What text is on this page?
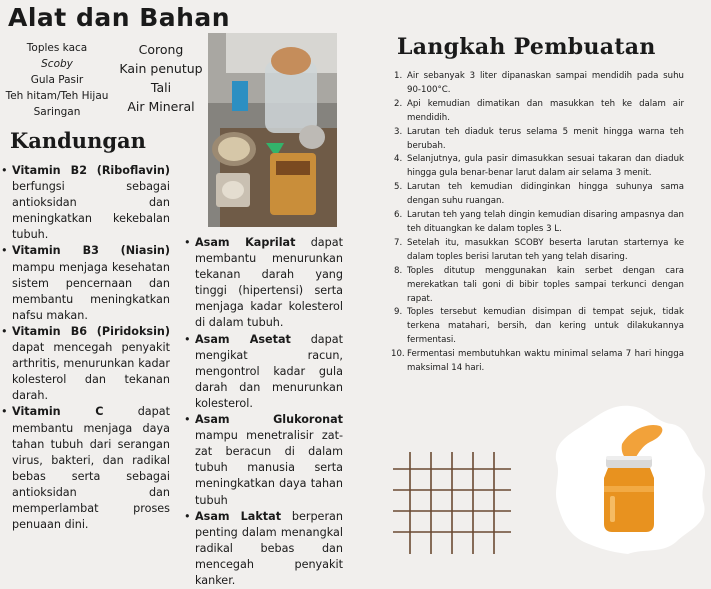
Alat dan Bahan
Toples kaca
Scoby
Gula Pasir
Teh hitam/Teh Hijau
Saringan
Corong
Kain penutup
Tali
Air Mineral
Kandungan
• Vitamin B2 (Riboflavin) berfungsi sebagai antioksidan dan meningkatkan kekebalan tubuh.
• Vitamin B3 (Niasin) mampu menjaga kesehatan sistem pencernaan dan membantu meningkatkan nafsu makan.
• Vitamin B6 (Piridoksin) dapat mencegah penyakit arthritis, menurunkan kadar kolesterol dan tekanan darah.
• Vitamin C	dapat membantu menjaga daya tahan tubuh dari serangan virus, bakteri, dan radikal bebas serta sebagai antioksidan dan memperlambat proses penuaan dini.
• Asam Kaprilat dapat membantu menurunkan tekanan darah yang tinggi (hipertensi) serta menjaga kadar kolesterol di dalam tubuh.
• Asam Asetat dapat mengikat racun, mengontrol kadar gula darah dan menurunkan kolesterol.
• Asam Glukoronat mampu menetralisir zat-zat beracun di dalam tubuh manusia serta meningkatkan daya tahan tubuh
• Asam Laktat berperan penting dalam menangkal radikal bebas dan mencegah penyakit kanker.
Langkah Pembuatan
1. Air sebanyak 3 liter dipanaskan sampai mendidih pada suhu 90-100°C.
2. Api kemudian dimatikan dan masukkan teh ke dalam air mendidih.
3. Larutan teh diaduk terus selama 5 menit hingga warna teh berubah.
4. Selanjutnya, gula pasir dimasukkan sesuai takaran dan diaduk hingga gula benar-benar larut dalam air selama 3 menit.
5. Larutan teh kemudian didinginkan hingga suhunya sama dengan suhu ruangan.
6. Larutan teh yang telah dingin kemudian disaring ampasnya dan teh dituangkan ke dalam toples 3 L.
7. Setelah itu, masukkan SCOBY beserta larutan starternya ke dalam toples berisi larutan teh yang telah disaring.
8. Toples ditutup menggunakan kain serbet dengan cara merekatkan tali goni di bibir toples sampai terkunci dengan rapat.
9. Toples tersebut kemudian disimpan di tempat sejuk, tidak terkena matahari, bersih, dan kering untuk dilakukannya fermentasi.
10. Fermentasi membutuhkan waktu minimal selama 7 hari hingga maksimal 14 hari.
